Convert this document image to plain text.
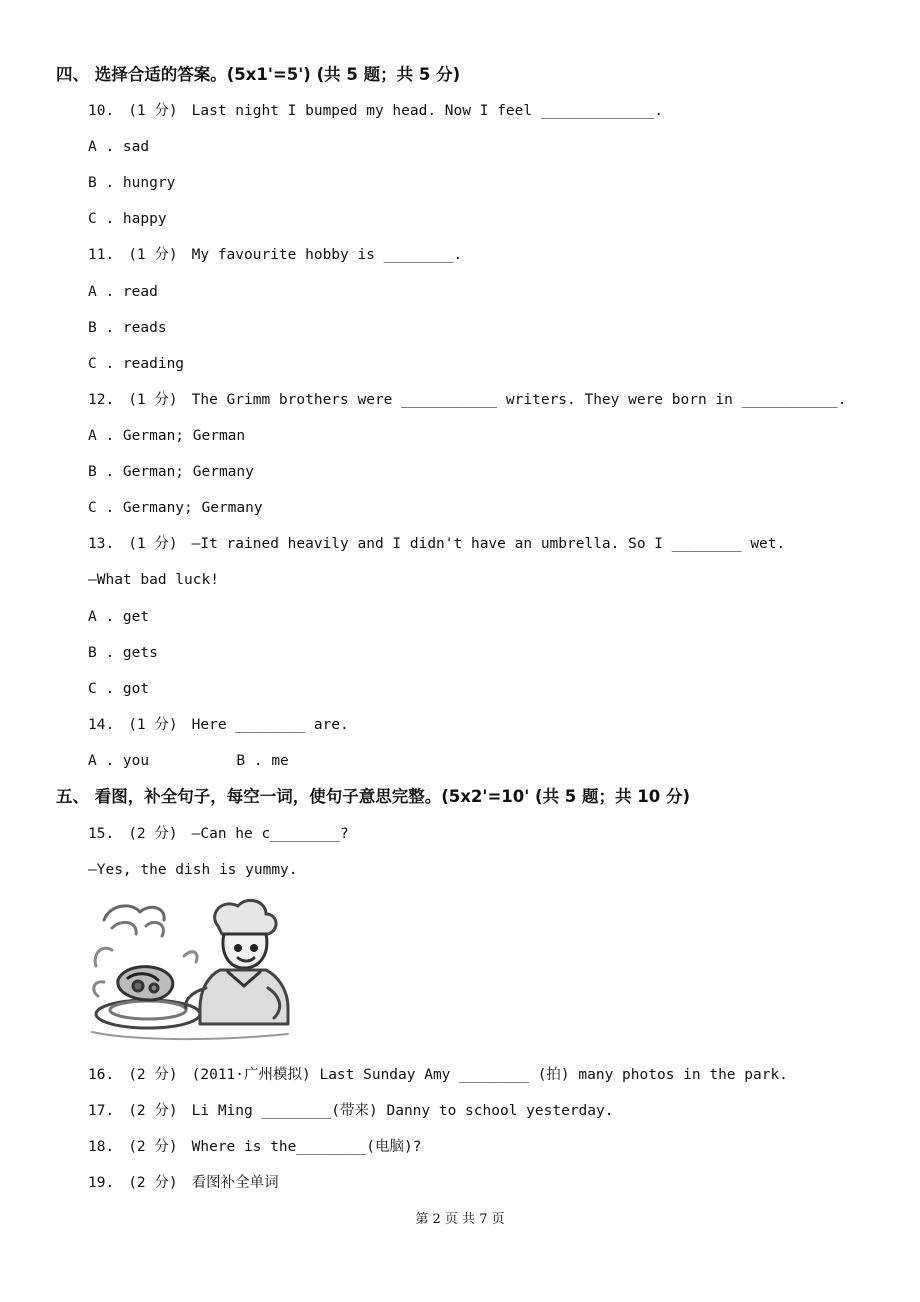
四、 选择合适的答案。(5x1'=5') (共 5 题；共 5 分)
10. (1 分) Last night I bumped my head. Now I feel _____________.
A . sad
B . hungry
C . happy
11. (1 分) My favourite hobby is ________.
A . read
B . reads
C . reading
12. (1 分) The Grimm brothers were ___________ writers. They were born in ___________.
A . German; German
B . German; Germany
C . Germany; Germany
13. (1 分) —It rained heavily and I didn't have an umbrella. So I ________ wet.
—What bad luck!
A . get
B . gets
C . got
14. (1 分) Here ________ are.
A . you          B . me
五、 看图，补全句子，每空一词，使句子意思完整。(5x2'=10' (共 5 题；共 10 分)
15. (2 分) —Can he c________?
—Yes, the dish is yummy.
16. (2 分) (2011·广州模拟) Last Sunday Amy ________ (拍) many photos in the park.
17. (2 分) Li Ming ________(带来) Danny to school yesterday.
18. (2 分) Where is the________(电脑)?
19. (2 分) 看图补全单词
第 2 页 共 7 页
